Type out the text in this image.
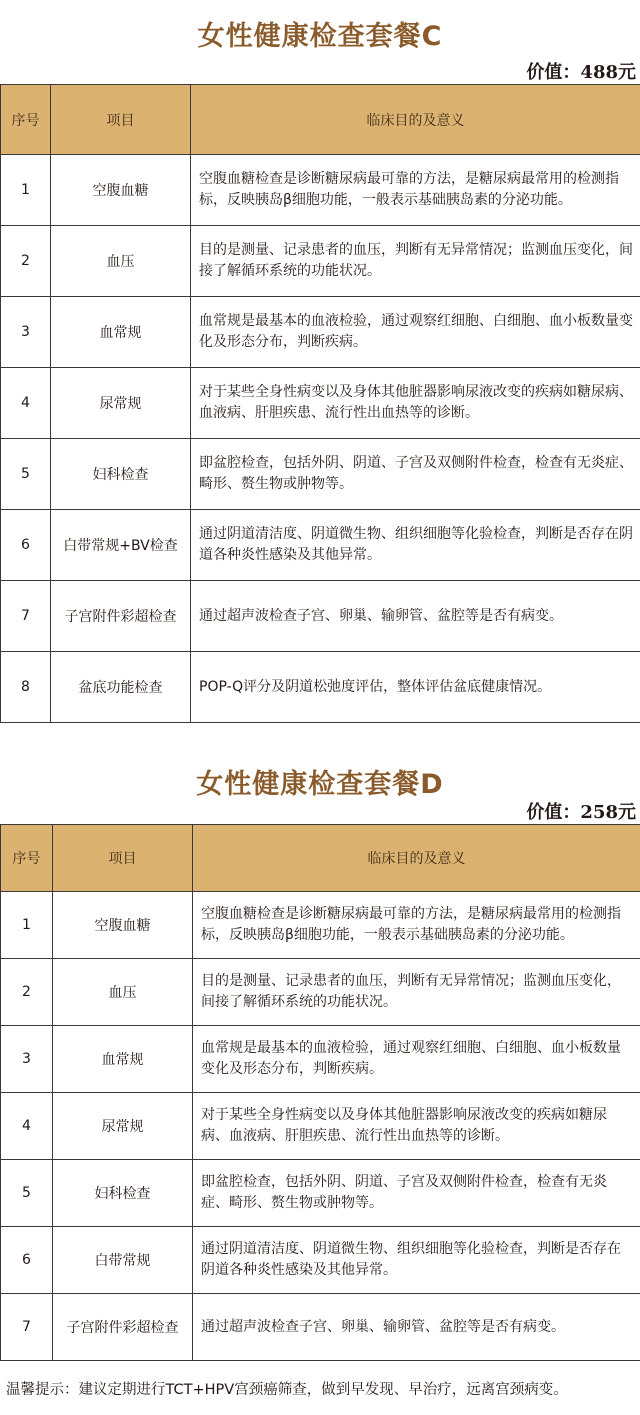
女性健康检查套餐C
价值：488元
序号	项目	临床目的及意义
1	空腹血糖	空腹血糖检查是诊断糖尿病最可靠的方法，是糖尿病最常用的检测指标，反映胰岛β细胞功能，一般表示基础胰岛素的分泌功能。
2	血压	目的是测量、记录患者的血压，判断有无异常情况；监测血压变化，间接了解循环系统的功能状况。
3	血常规	血常规是最基本的血液检验，通过观察红细胞、白细胞、血小板数量变化及形态分布，判断疾病。
4	尿常规	对于某些全身性病变以及身体其他脏器影响尿液改变的疾病如糖尿病、血液病、肝胆疾患、流行性出血热等的诊断。
5	妇科检查	即盆腔检查，包括外阴、阴道、子宫及双侧附件检查，检查有无炎症、畸形、赘生物或肿物等。
6	白带常规+BV检查	通过阴道清洁度、阴道微生物、组织细胞等化验检查，判断是否存在阴道各种炎性感染及其他异常。
7	子宫附件彩超检查	通过超声波检查子宫、卵巢、输卵管、盆腔等是否有病变。
8	盆底功能检查	POP-Q评分及阴道松弛度评估，整体评估盆底健康情况。
女性健康检查套餐D
价值：258元
序号	项目	临床目的及意义
1	空腹血糖	空腹血糖检查是诊断糖尿病最可靠的方法，是糖尿病最常用的检测指标，反映胰岛β细胞功能，一般表示基础胰岛素的分泌功能。
2	血压	目的是测量、记录患者的血压，判断有无异常情况；监测血压变化，间接了解循环系统的功能状况。
3	血常规	血常规是最基本的血液检验，通过观察红细胞、白细胞、血小板数量变化及形态分布，判断疾病。
4	尿常规	对于某些全身性病变以及身体其他脏器影响尿液改变的疾病如糖尿病、血液病、肝胆疾患、流行性出血热等的诊断。
5	妇科检查	即盆腔检查，包括外阴、阴道、子宫及双侧附件检查，检查有无炎症、畸形、赘生物或肿物等。
6	白带常规	通过阴道清洁度、阴道微生物、组织细胞等化验检查，判断是否存在阴道各种炎性感染及其他异常。
7	子宫附件彩超检查	通过超声波检查子宫、卵巢、输卵管、盆腔等是否有病变。
温馨提示：建议定期进行TCT+HPV宫颈癌筛查，做到早发现、早治疗，远离宫颈病变。
